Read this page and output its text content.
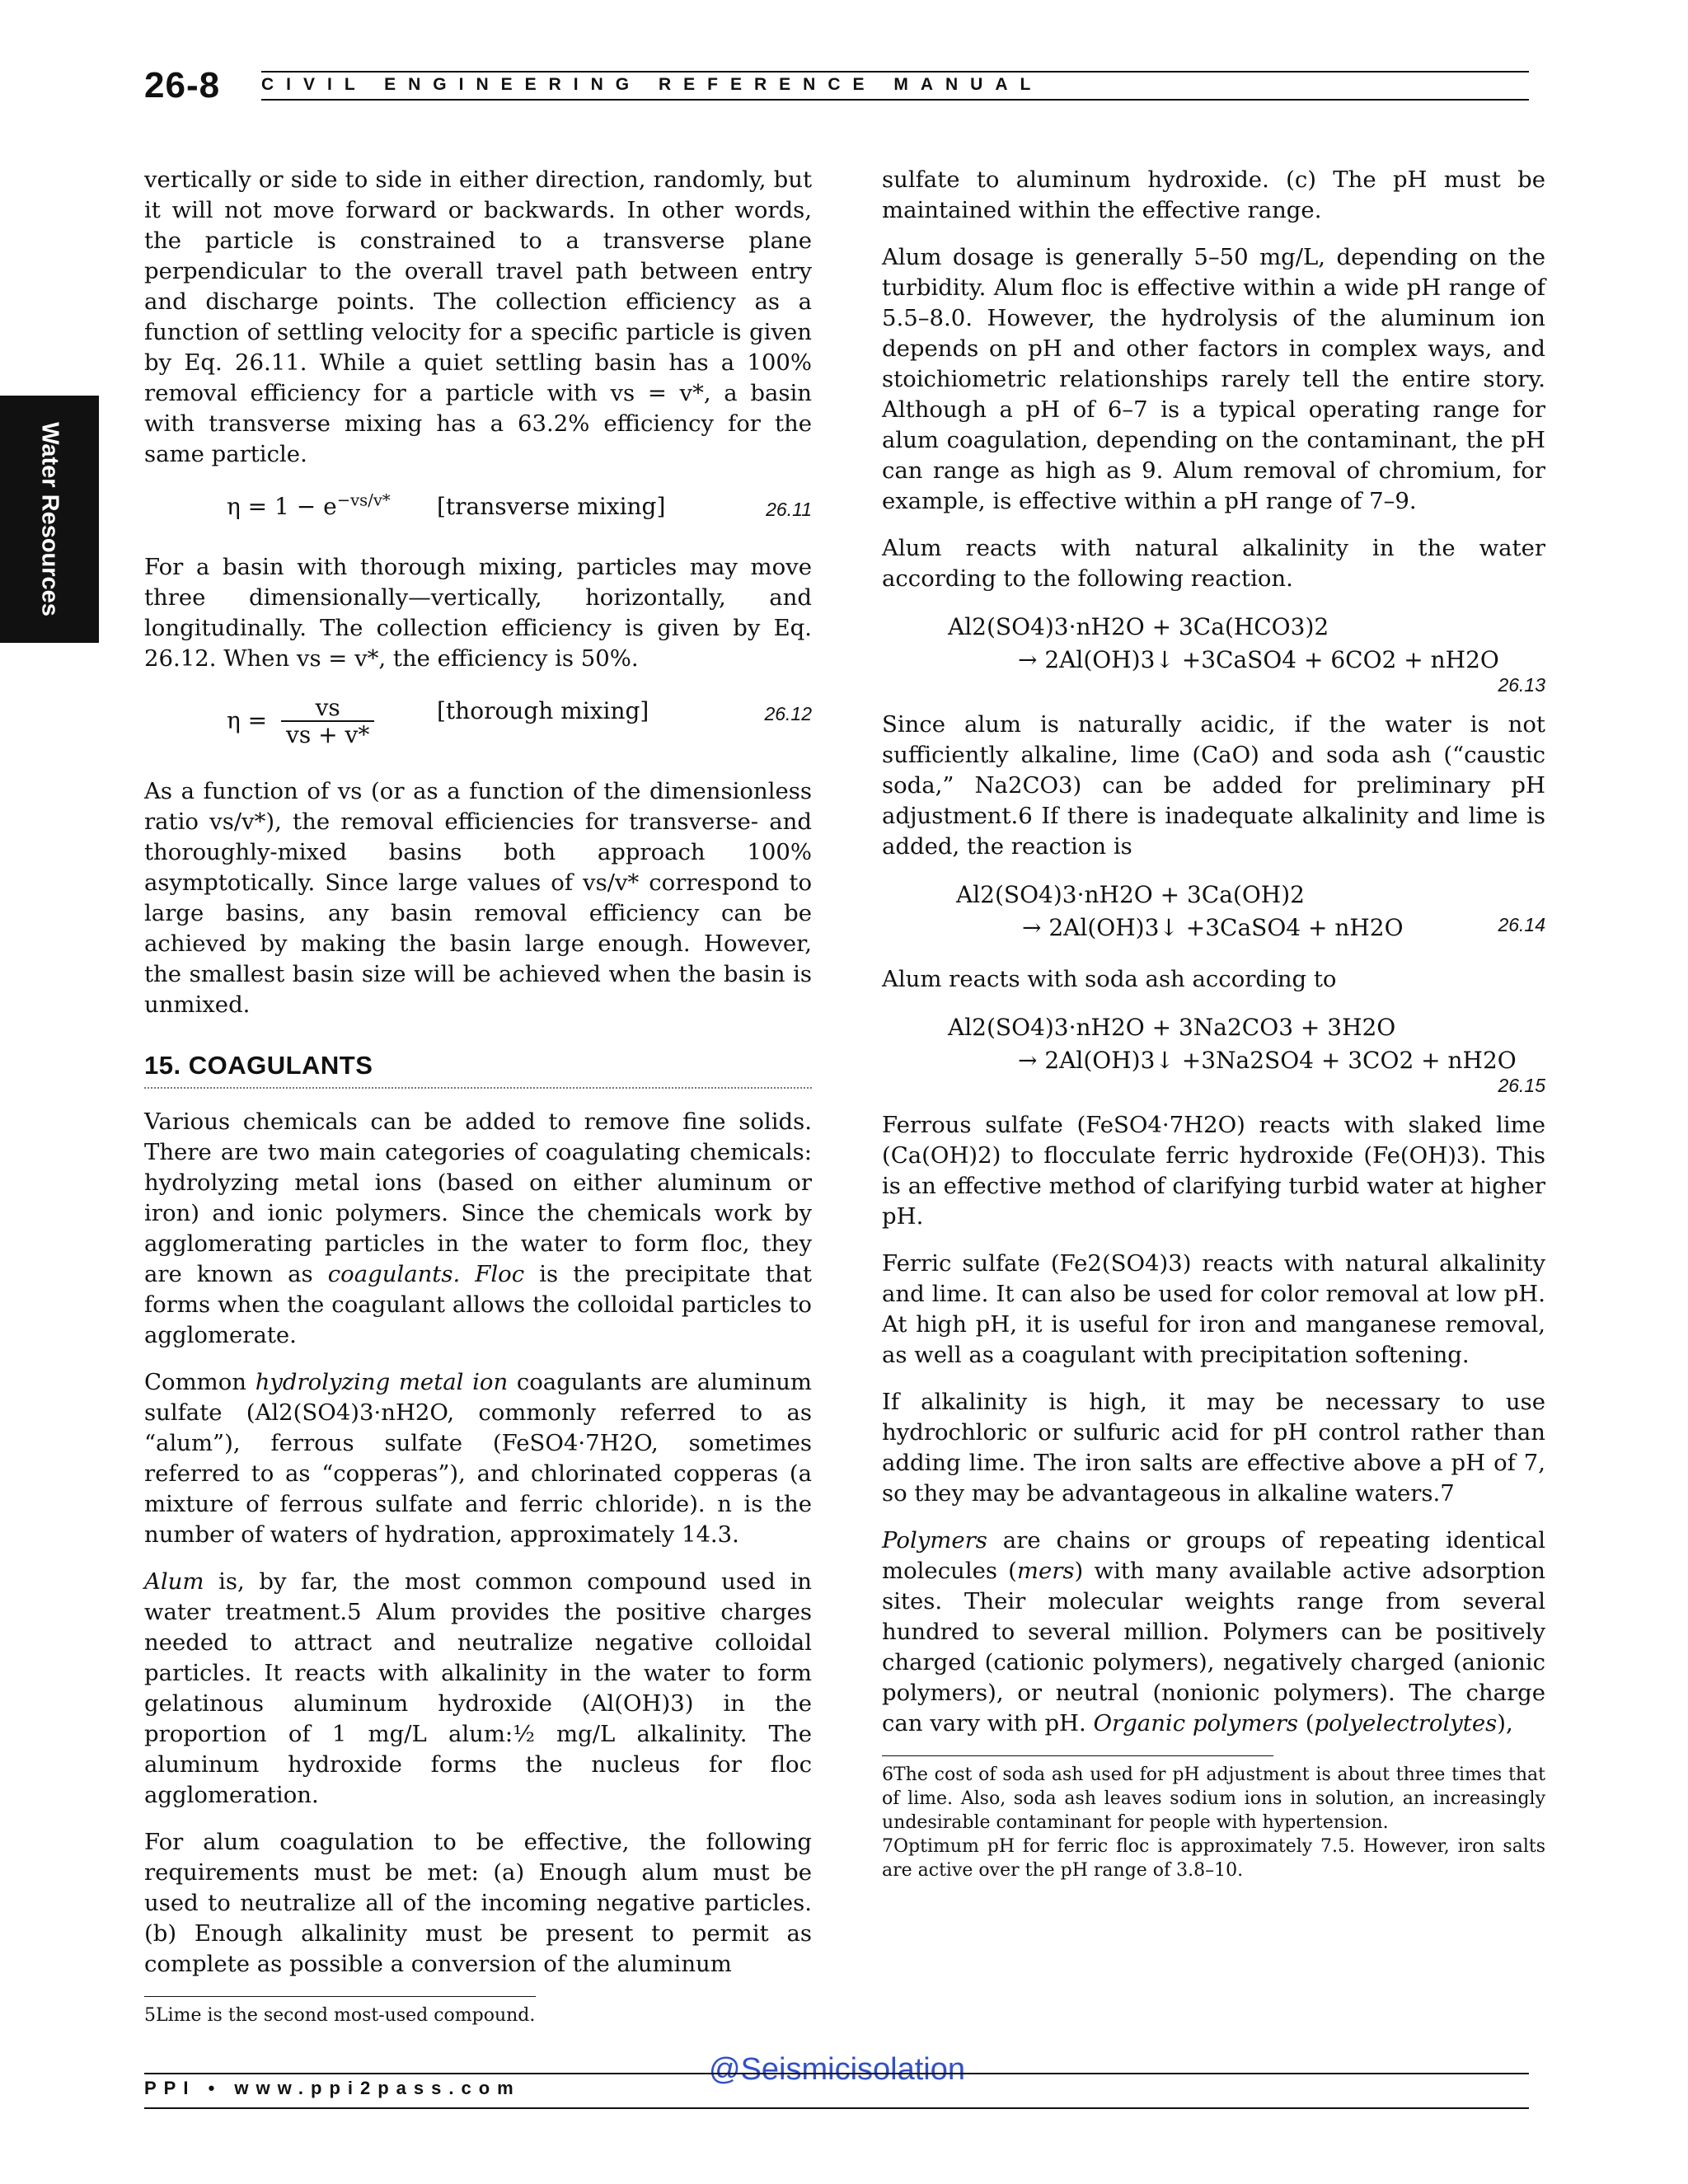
26-8 CIVIL ENGINEERING REFERENCE MANUAL
Water Resources

vertically or side to side in either direction, randomly, but it will not move forward or backwards. In other words, the particle is constrained to a transverse plane perpendicular to the overall travel path between entry and discharge points. The collection efficiency as a function of settling velocity for a specific particle is given by Eq. 26.11. While a quiet settling basin has a 100% removal efficiency for a particle with vs = v*, a basin with transverse mixing has a 63.2% efficiency for the same particle.

$\eta = 1 - e^{-vs/v*}$ [transverse mixing]	26.11

For a basin with thorough mixing, particles may move three dimensionally—vertically, horizontally, and longitudinally. The collection efficiency is given by Eq. 26.12. When vs = v*, the efficiency is 50%.

$\eta = \frac{vs}{vs + v*}$	[thorough mixing]	26.12

As a function of vs (or as a function of the dimensionless ratio vs/v*), the removal efficiencies for transverse- and thoroughly-mixed basins both approach 100% asymptotically. Since large values of vs/v* correspond to large basins, any basin removal efficiency can be achieved by making the basin large enough. However, the smallest basin size will be achieved when the basin is unmixed.

15. COAGULANTS

Various chemicals can be added to remove fine solids. There are two main categories of coagulating chemicals: hydrolyzing metal ions (based on either aluminum or iron) and ionic polymers. Since the chemicals work by agglomerating particles in the water to form floc, they are known as coagulants. Floc is the precipitate that forms when the coagulant allows the colloidal particles to agglomerate.

Common hydrolyzing metal ion coagulants are aluminum sulfate (Al2(SO4)3·nH2O, commonly referred to as “alum”), ferrous sulfate (FeSO4·7H2O, sometimes referred to as “copperas”), and chlorinated copperas (a mixture of ferrous sulfate and ferric chloride). n is the number of waters of hydration, approximately 14.3.

Alum is, by far, the most common compound used in water treatment.5 Alum provides the positive charges needed to attract and neutralize negative colloidal particles. It reacts with alkalinity in the water to form gelatinous aluminum hydroxide (Al(OH)3) in the proportion of 1 mg/L alum:½ mg/L alkalinity. The aluminum hydroxide forms the nucleus for floc agglomeration.

For alum coagulation to be effective, the following requirements must be met: (a) Enough alum must be used to neutralize all of the incoming negative particles. (b) Enough alkalinity must be present to permit as complete as possible a conversion of the aluminum

5Lime is the second most-used compound.

sulfate to aluminum hydroxide. (c) The pH must be maintained within the effective range.

Alum dosage is generally 5–50 mg/L, depending on the turbidity. Alum floc is effective within a wide pH range of 5.5–8.0. However, the hydrolysis of the aluminum ion depends on pH and other factors in complex ways, and stoichiometric relationships rarely tell the entire story. Although a pH of 6–7 is a typical operating range for alum coagulation, depending on the contaminant, the pH can range as high as 9. Alum removal of chromium, for example, is effective within a pH range of 7–9.

Alum reacts with natural alkalinity in the water according to the following reaction.

Al2(SO4)3·nH2O + 3Ca(HCO3)2
→ 2Al(OH)3↓ +3CaSO4 + 6CO2 + nH2O
26.13

Since alum is naturally acidic, if the water is not sufficiently alkaline, lime (CaO) and soda ash (“caustic soda,” Na2CO3) can be added for preliminary pH adjustment.6 If there is inadequate alkalinity and lime is added, the reaction is

Al2(SO4)3·nH2O + 3Ca(OH)2
→ 2Al(OH)3↓ +3CaSO4 + nH2O	26.14

Alum reacts with soda ash according to

Al2(SO4)3·nH2O + 3Na2CO3 + 3H2O
→ 2Al(OH)3↓ +3Na2SO4 + 3CO2 + nH2O
26.15

Ferrous sulfate (FeSO4·7H2O) reacts with slaked lime (Ca(OH)2) to flocculate ferric hydroxide (Fe(OH)3). This is an effective method of clarifying turbid water at higher pH.

Ferric sulfate (Fe2(SO4)3) reacts with natural alkalinity and lime. It can also be used for color removal at low pH. At high pH, it is useful for iron and manganese removal, as well as a coagulant with precipitation softening.

If alkalinity is high, it may be necessary to use hydrochloric or sulfuric acid for pH control rather than adding lime. The iron salts are effective above a pH of 7, so they may be advantageous in alkaline waters.7

Polymers are chains or groups of repeating identical molecules (mers) with many available active adsorption sites. Their molecular weights range from several hundred to several million. Polymers can be positively charged (cationic polymers), negatively charged (anionic polymers), or neutral (nonionic polymers). The charge can vary with pH. Organic polymers (polyelectrolytes),

6The cost of soda ash used for pH adjustment is about three times that of lime. Also, soda ash leaves sodium ions in solution, an increasingly undesirable contaminant for people with hypertension.

7Optimum pH for ferric floc is approximately 7.5. However, iron salts are active over the pH range of 3.8–10.

@Seismicisolation
PPI • www.ppi2pass.com
